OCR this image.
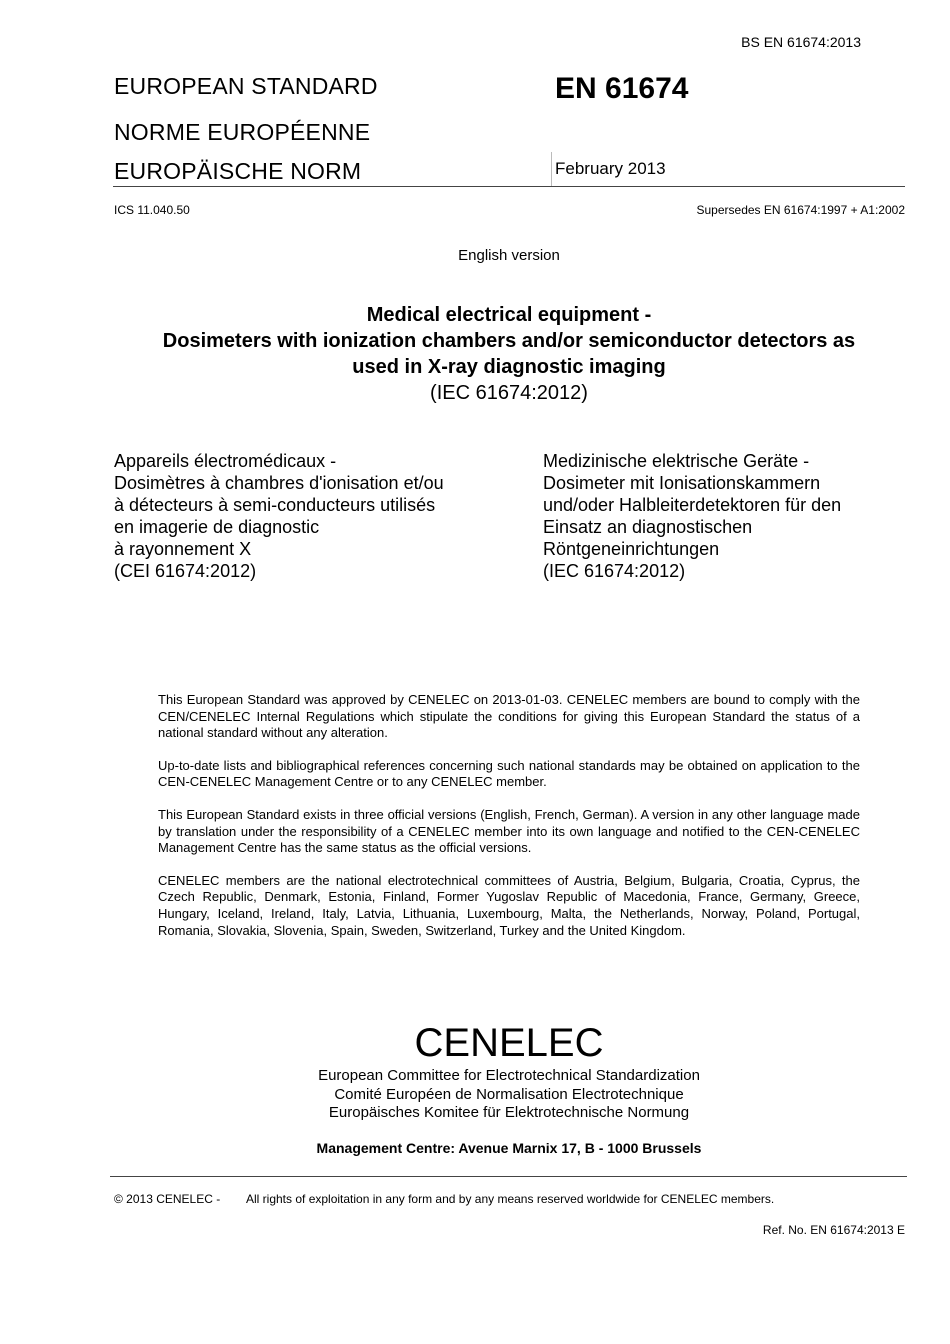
BS EN 61674:2013
EUROPEAN STANDARD
NORME EUROPÉENNE
EUROPÄISCHE NORM
EN 61674
February 2013
ICS 11.040.50	Supersedes EN 61674:1997 + A1:2002
English version
Medical electrical equipment -
Dosimeters with ionization chambers and/or semiconductor detectors as
used in X-ray diagnostic imaging
(IEC 61674:2012)
Appareils électromédicaux -
Dosimètres à chambres d'ionisation et/ou
à détecteurs à semi-conducteurs utilisés
en imagerie de diagnostic
à rayonnement X
(CEI 61674:2012)
Medizinische elektrische Geräte -
Dosimeter mit Ionisationskammern
und/oder Halbleiterdetektoren für den
Einsatz an diagnostischen
Röntgeneinrichtungen
(IEC 61674:2012)

This European Standard was approved by CENELEC on 2013-01-03. CENELEC members are bound to comply with the CEN/CENELEC Internal Regulations which stipulate the conditions for giving this European Standard the status of a national standard without any alteration.

Up-to-date lists and bibliographical references concerning such national standards may be obtained on application to the CEN-CENELEC Management Centre or to any CENELEC member.

This European Standard exists in three official versions (English, French, German). A version in any other language made by translation under the responsibility of a CENELEC member into its own language and notified to the CEN-CENELEC Management Centre has the same status as the official versions.

CENELEC members are the national electrotechnical committees of Austria, Belgium, Bulgaria, Croatia, Cyprus, the Czech Republic, Denmark, Estonia, Finland, Former Yugoslav Republic of Macedonia, France, Germany, Greece, Hungary, Iceland, Ireland, Italy, Latvia, Lithuania, Luxembourg, Malta, the Netherlands, Norway, Poland, Portugal, Romania, Slovakia, Slovenia, Spain, Sweden, Switzerland, Turkey and the United Kingdom.

CENELEC
European Committee for Electrotechnical Standardization
Comité Européen de Normalisation Electrotechnique
Europäisches Komitee für Elektrotechnische Normung
Management Centre: Avenue Marnix 17, B - 1000 Brussels
© 2013 CENELEC - All rights of exploitation in any form and by any means reserved worldwide for CENELEC members.
Ref. No. EN 61674:2013 E
